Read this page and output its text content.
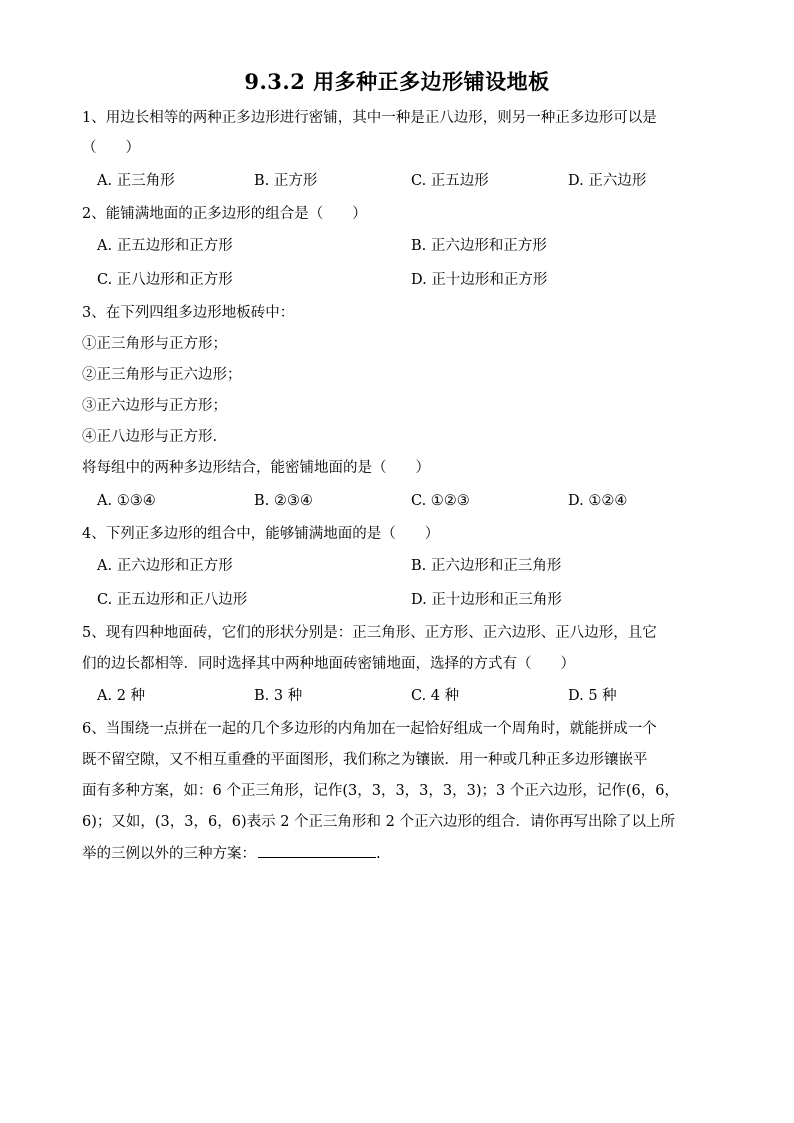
9.3.2 用多种正多边形铺设地板
1、用边长相等的两种正多边形进行密铺，其中一种是正八边形，则另一种正多边形可以是
（　　）
A. 正三角形	B. 正方形	C. 正五边形	D. 正六边形
2、能铺满地面的正多边形的组合是（　　）
A. 正五边形和正方形	B. 正六边形和正方形
C. 正八边形和正方形	D. 正十边形和正方形
3、在下列四组多边形地板砖中：
①正三角形与正方形；
②正三角形与正六边形；
③正六边形与正方形；
④正八边形与正方形.
将每组中的两种多边形结合，能密铺地面的是（　　）
A. ①③④	B. ②③④	C. ①②③	D. ①②④
4、下列正多边形的组合中，能够铺满地面的是（　　）
A. 正六边形和正方形	B. 正六边形和正三角形
C. 正五边形和正八边形	D. 正十边形和正三角形
5、现有四种地面砖，它们的形状分别是：正三角形、正方形、正六边形、正八边形，且它
们的边长都相等．同时选择其中两种地面砖密铺地面，选择的方式有（　　）
A. 2 种	B. 3 种	C. 4 种	D. 5 种
6、当围绕一点拼在一起的几个多边形的内角加在一起恰好组成一个周角时，就能拼成一个
既不留空隙，又不相互重叠的平面图形，我们称之为镶嵌．用一种或几种正多边形镶嵌平
面有多种方案，如：6 个正三角形，记作(3，3，3，3，3，3)；3 个正六边形，记作(6，6，
6)；又如，(3，3，6，6)表示 2 个正三角形和 2 个正六边形的组合．请你再写出除了以上所
举的三例以外的三种方案：	.
